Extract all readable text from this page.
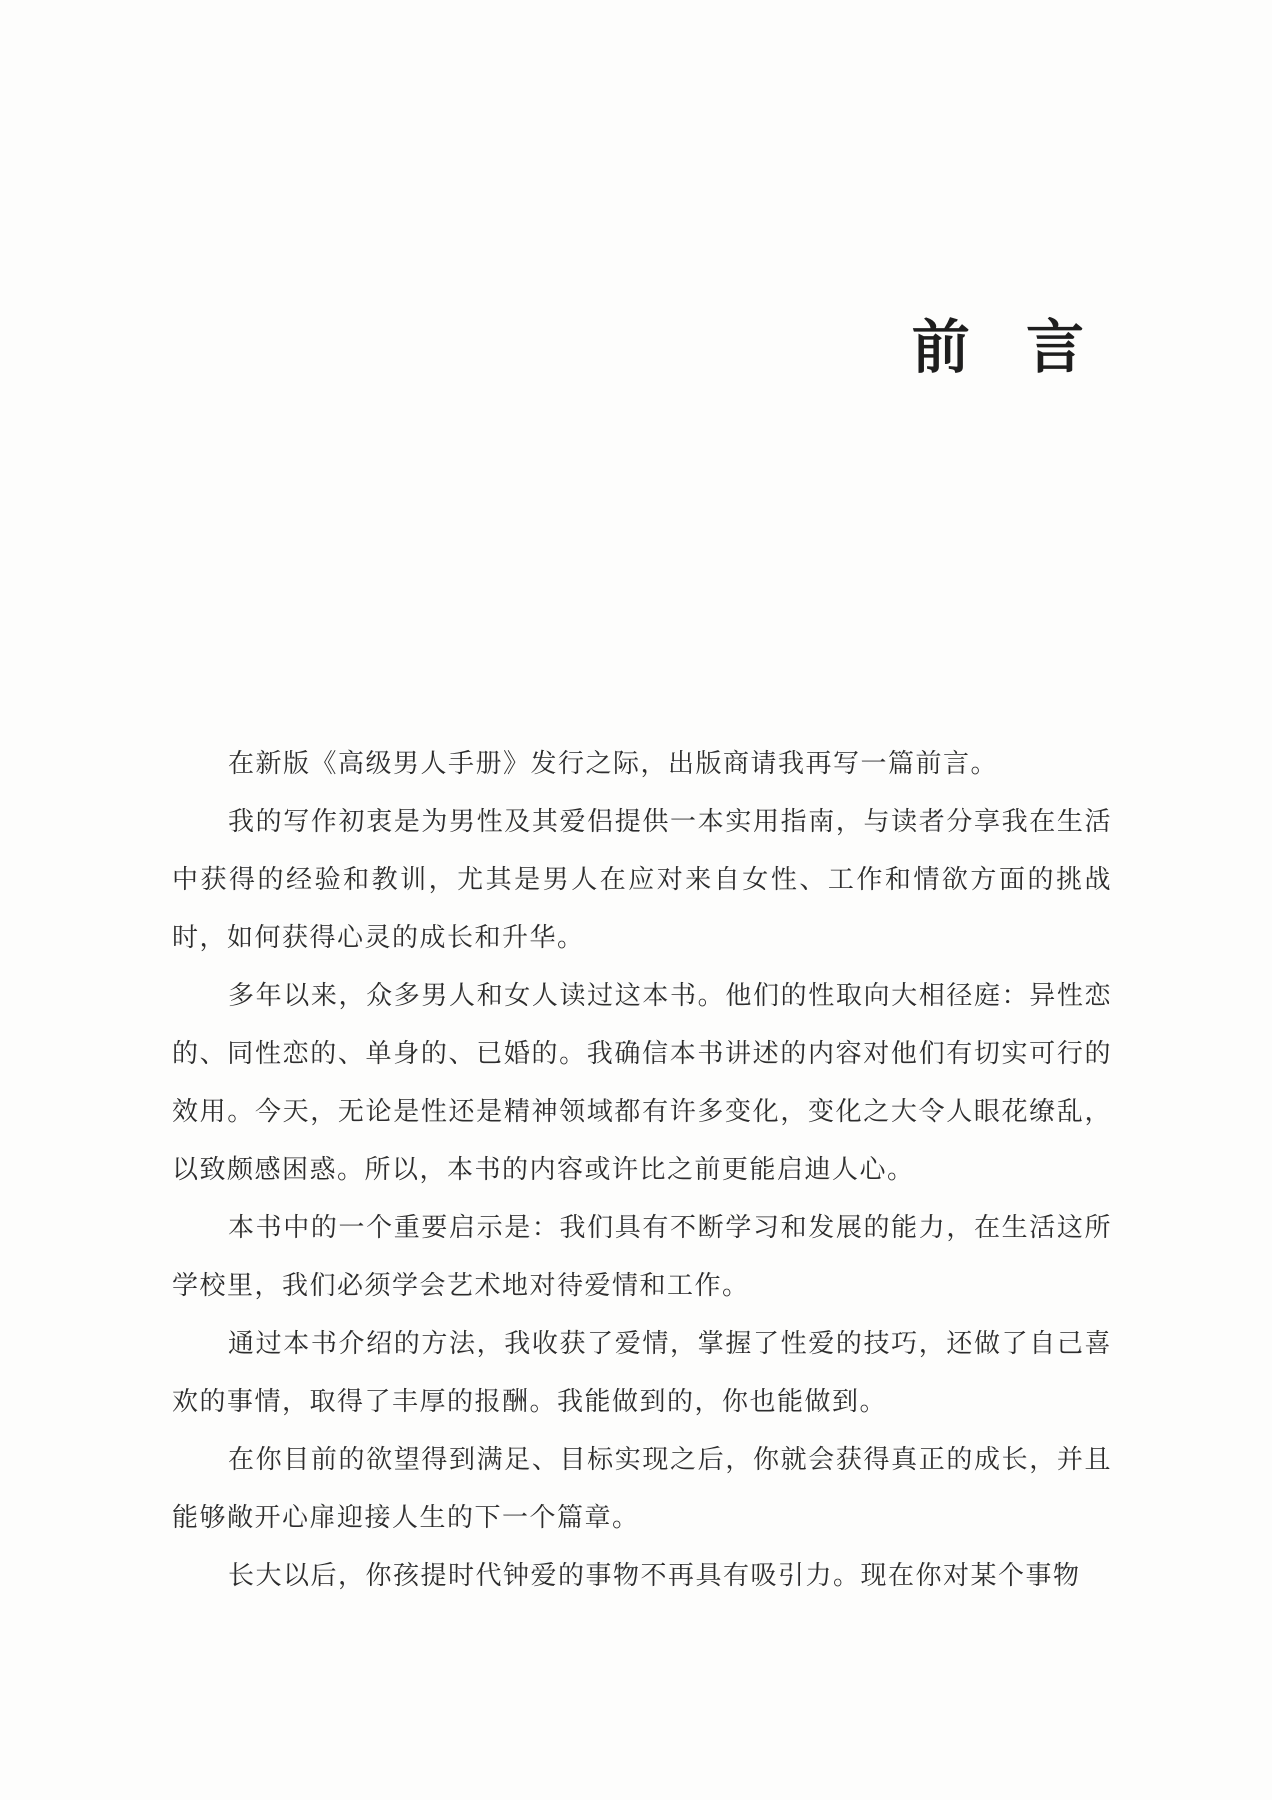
前 言

在新版《高级男人手册》发行之际，出版商请我再写一篇前言。

我的写作初衷是为男性及其爱侣提供一本实用指南，与读者分享我在生活中获得的经验和教训，尤其是男人在应对来自女性、工作和情欲方面的挑战时，如何获得心灵的成长和升华。

多年以来，众多男人和女人读过这本书。他们的性取向大相径庭：异性恋的、同性恋的、单身的、已婚的。我确信本书讲述的内容对他们有切实可行的效用。今天，无论是性还是精神领域都有许多变化，变化之大令人眼花缭乱，以致颇感困惑。所以，本书的内容或许比之前更能启迪人心。

本书中的一个重要启示是：我们具有不断学习和发展的能力，在生活这所学校里，我们必须学会艺术地对待爱情和工作。

通过本书介绍的方法，我收获了爱情，掌握了性爱的技巧，还做了自己喜欢的事情，取得了丰厚的报酬。我能做到的，你也能做到。

在你目前的欲望得到满足、目标实现之后，你就会获得真正的成长，并且能够敞开心扉迎接人生的下一个篇章。

长大以后，你孩提时代钟爱的事物不再具有吸引力。现在你对某个事物
